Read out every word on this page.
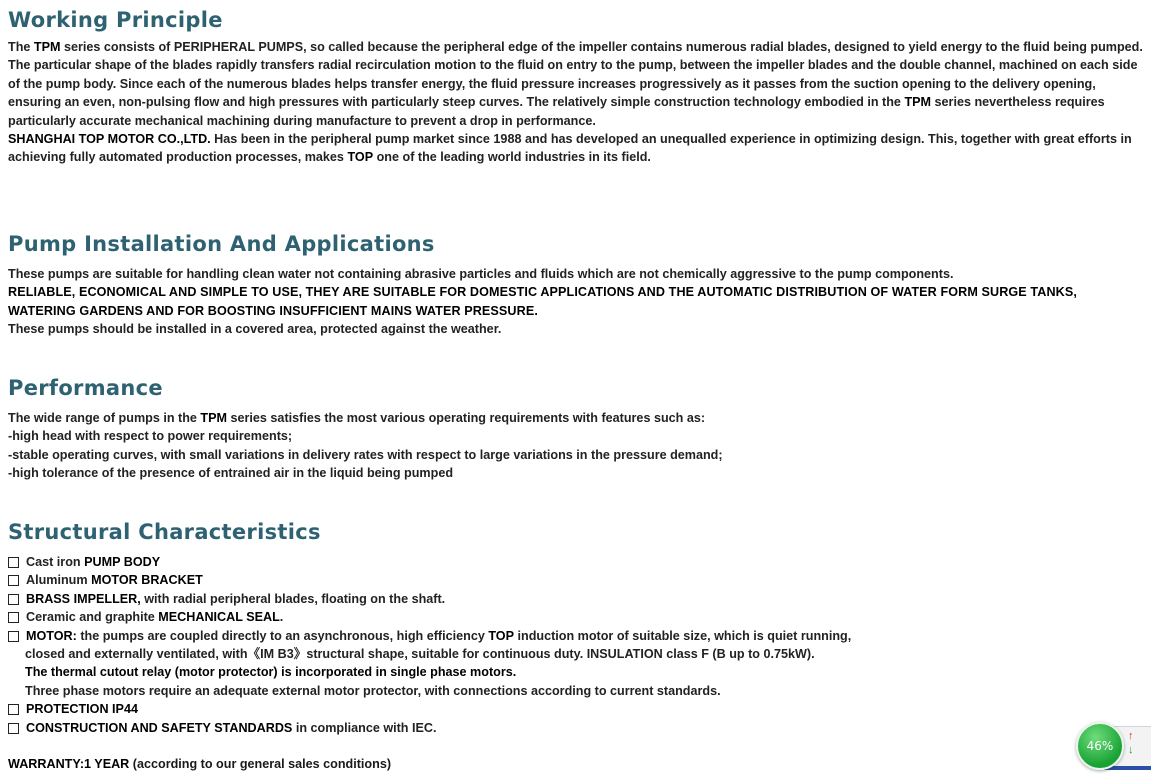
Working Principle

The TPM series consists of PERIPHERAL PUMPS, so called because the peripheral edge of the impeller contains numerous radial blades, designed to yield energy to the fluid being pumped. The particular shape of the blades rapidly transfers radial recirculation motion to the fluid on entry to the pump, between the impeller blades and the double channel, machined on each side of the pump body. Since each of the numerous blades helps transfer energy, the fluid pressure increases progressively as it passes from the suction opening to the delivery opening, ensuring an even, non-pulsing flow and high pressures with particularly steep curves. The relatively simple construction technology embodied in the TPM series nevertheless requires particularly accurate mechanical machining during manufacture to prevent a drop in performance.

SHANGHAI TOP MOTOR CO.,LTD. Has been in the peripheral pump market since 1988 and has developed an unequalled experience in optimizing design. This, together with great efforts in achieving fully automated production processes, makes TOP one of the leading world industries in its field.

Pump Installation And Applications

These pumps are suitable for handling clean water not containing abrasive particles and fluids which are not chemically aggressive to the pump components.

RELIABLE, ECONOMICAL AND SIMPLE TO USE, THEY ARE SUITABLE FOR DOMESTIC APPLICATIONS AND THE AUTOMATIC DISTRIBUTION OF WATER FORM SURGE TANKS, WATERING GARDENS AND FOR BOOSTING INSUFFICIENT MAINS WATER PRESSURE.

These pumps should be installed in a covered area, protected against the weather.

Performance

The wide range of pumps in the TPM series satisfies the most various operating requirements with features such as:

-high head with respect to power requirements;

-stable operating curves, with small variations in delivery rates with respect to large variations in the pressure demand;

-high tolerance of the presence of entrained air in the liquid being pumped

Structural Characteristics
Cast iron PUMP BODY
Aluminum MOTOR BRACKET
BRASS IMPELLER, with radial peripheral blades, floating on the shaft.
Ceramic and graphite MECHANICAL SEAL.
MOTOR: the pumps are coupled directly to an asynchronous, high efficiency TOP induction motor of suitable size, which is quiet running,
closed and externally ventilated, with《IM B3》structural shape, suitable for continuous duty. INSULATION class F (B up to 0.75kW).
The thermal cutout relay (motor protector) is incorporated in single phase motors.
Three phase motors require an adequate external motor protector, with connections according to current standards.
PROTECTION IP44
CONSTRUCTION AND SAFETY STANDARDS in compliance with IEC.
WARRANTY:1 YEAR (according to our general sales conditions)
46%
↑
↓
